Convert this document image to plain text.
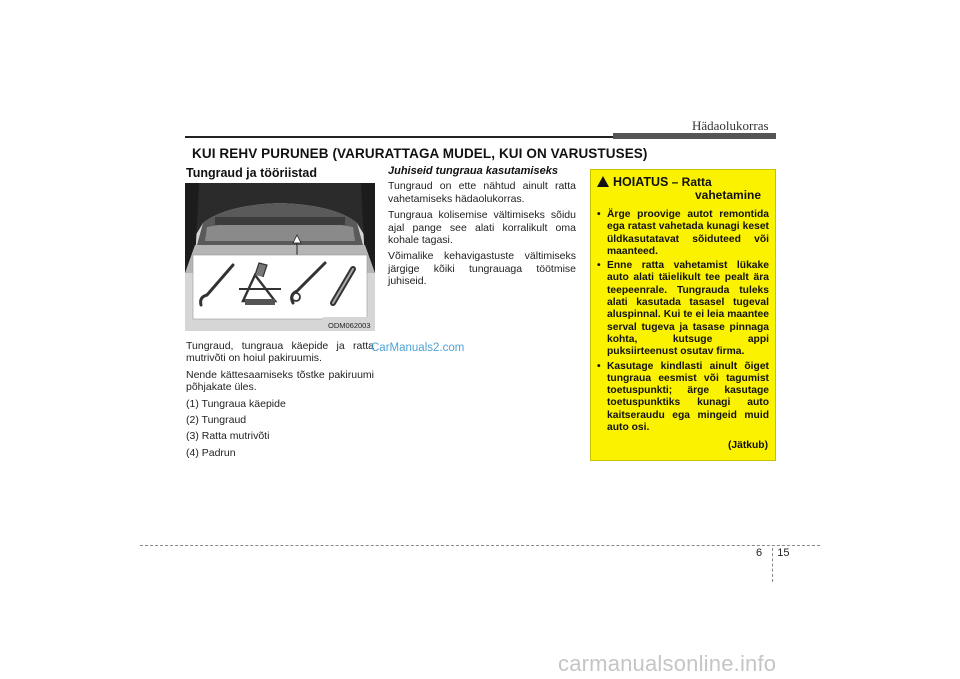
Hädaolukorras
KUI REHV PURUNEB (VARURATTAGA MUDEL, KUI ON VARUSTUSES)
Tungraud ja tööriistad
ODM062003

Tungraud, tungraua käepide ja ratta mutrivõti on hoiul pakiruumis.

Nende kättesaamiseks tõstke pakiruumi põhjakate üles.

(1) Tungraua käepide

(2) Tungraud

(3) Ratta mutrivõti

(4) Padrun

CarManuals2.com
Juhiseid tungraua kasutamiseks

Tungraud on ette nähtud ainult ratta vahetamiseks hädaolukorras.

Tungraua kolisemise vältimiseks sõidu ajal pange see alati korralikult oma kohale tagasi.

Võimalike kehavigastuste vältimiseks järgige kõiki tungrauaga töötmise juhiseid.

HOIATUS – Ratta
vahetamine
• Ärge proovige autot remontida ega ratast vahetada kunagi keset üldkasutatavat sõiduteed või maanteed.
• Enne ratta vahetamist lükake auto alati täielikult tee pealt ära teepeenrale. Tungrauda tuleks alati kasutada tasasel tugeval aluspinnal. Kui te ei leia maantee serval tugeva ja tasase pinnaga kohta, kutsuge appi puksiirteenust osutav firma.
• Kasutage kindlasti ainult õiget tungraua eesmist või tagumist toetuspunkti; ärge kasutage toetuspunktiks kunagi auto kaitseraudu ega mingeid muid auto osi.
(Jätkub)
6 15
carmanualsonline.info
